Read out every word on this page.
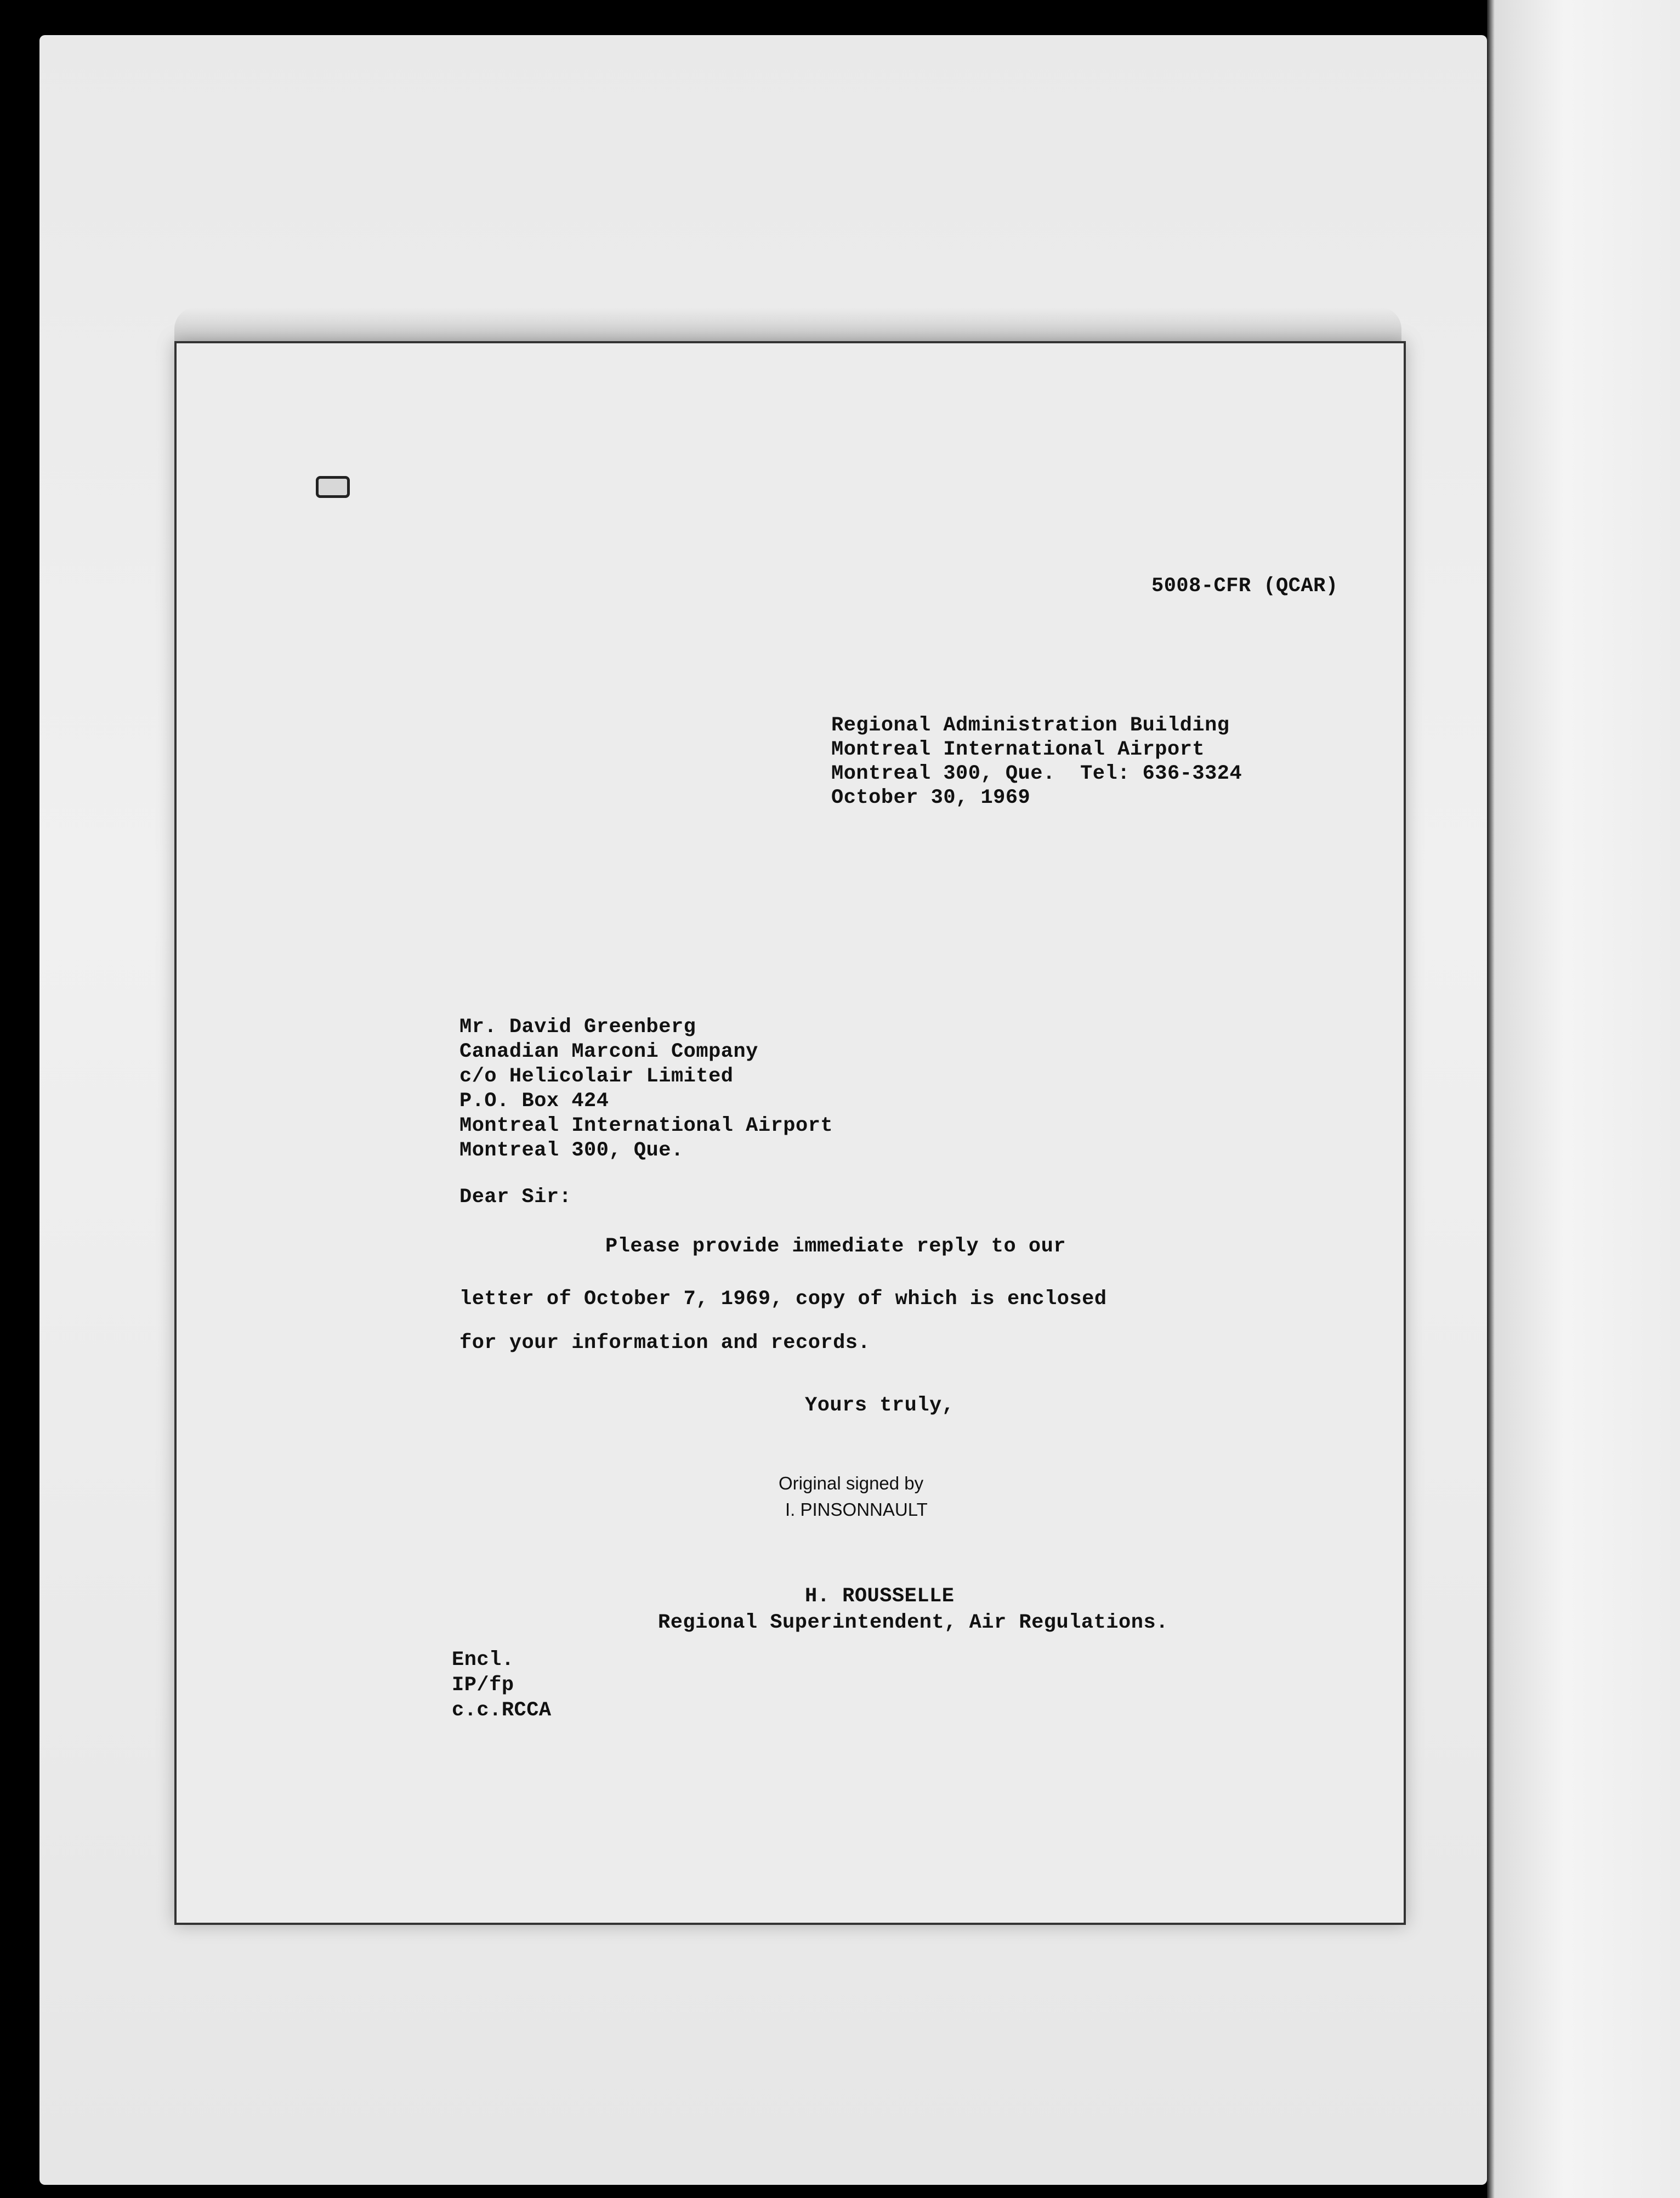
5008-CFR (QCAR)
Regional Administration Building
Montreal International Airport
Montreal 300, Que.  Tel: 636-3324
October 30, 1969
Mr. David Greenberg
Canadian Marconi Company
c/o Helicolair Limited
P.O. Box 424
Montreal International Airport
Montreal 300, Que.
Dear Sir:
Please provide immediate reply to our
letter of October 7, 1969, copy of which is enclosed
for your information and records.
Yours truly,
Original signed by
I. PINSONNAULT
H. ROUSSELLE
Regional Superintendent, Air Regulations.
Encl.
IP/fp
c.c.RCCA
